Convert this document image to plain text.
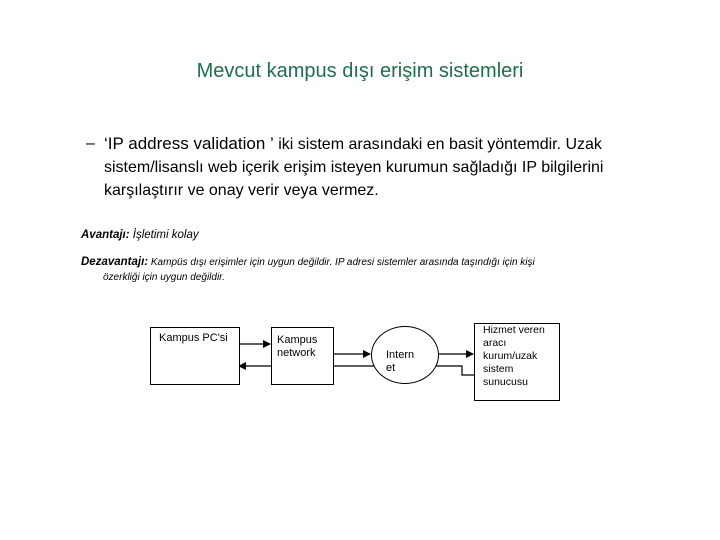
Mevcut kampus dışı erişim sistemleri
– ‘IP address validation ’ iki sistem arasındaki en basit yöntemdir. Uzak sistem/lisanslı web içerik erişim isteyen kurumun sağladığı IP bilgilerini karşılaştırır ve onay verir veya vermez.
Avantajı: İşletimi kolay
Dezavantajı: Kampüs dışı erişimler için uygun değildir. IP adresi sistemler arasında taşındığı için kişi
özerkliği için uygun değildir.
Kampus PC'si	Kampus network	Intern et
Hizmet veren aracı kurum/uzak sistem sunucusu
